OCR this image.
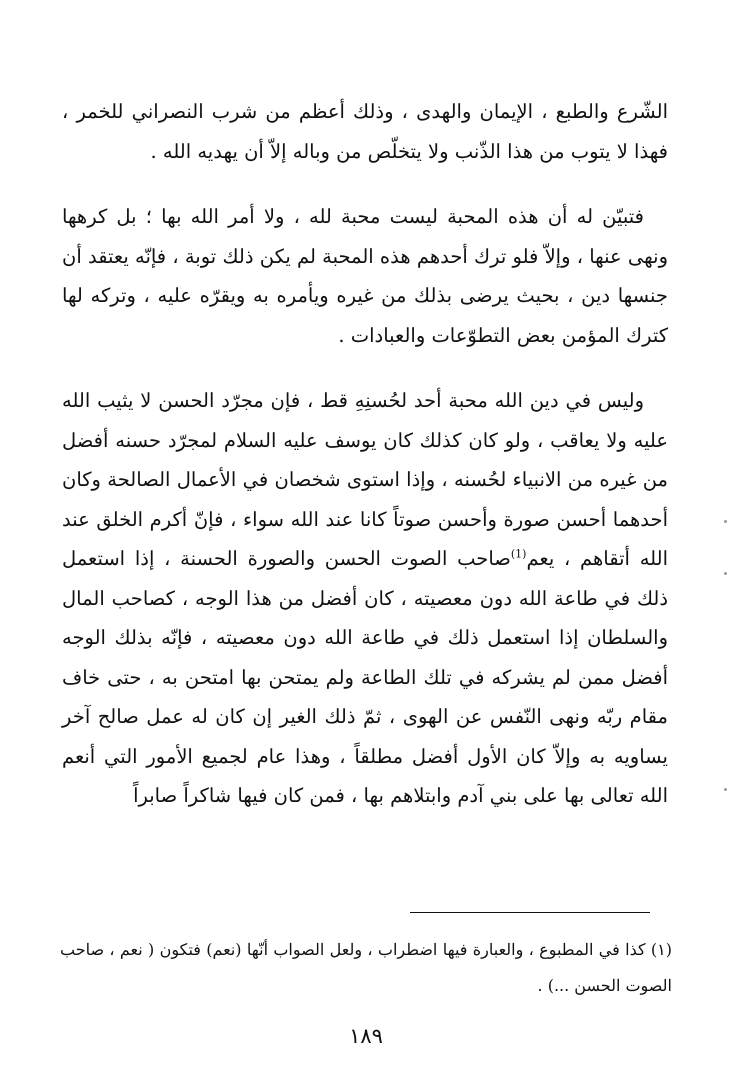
الشّرع والطبع ، الإيمان والهدى ، وذلك أعظم من شرب النصراني للخمر ، فهذا لا يتوب من هذا الذّنب ولا يتخلّص من وباله إلاّ أن يهديه الله .

فتبيّن له أن هذه المحبة ليست محبة لله ، ولا أمر الله بها ؛ بل كرهها ونهى عنها ، وإلاّ فلو ترك أحدهم هذه المحبة لم يكن ذلك توبة ، فإنّه يعتقد أن جنسها دين ، بحيث يرضى بذلك من غيره ويأمره به ويقرّه عليه ، وتركه لها كترك المؤمن بعض التطوّعات والعبادات .

وليس في دين الله محبة أحد لحُسنِهِ قط ، فإن مجرّد الحسن لا يثيب الله عليه ولا يعاقب ، ولو كان كذلك كان يوسف عليه السلام لمجرّد حسنه أفضل من غيره من الانبياء لحُسنه ، وإذا استوى شخصان في الأعمال الصالحة وكان أحدهما أحسن صورة وأحسن صوتاً كانا عند الله سواء ، فإنّ أكرم الخلق عند الله أتقاهم ، يعم$^{(1)}$صاحب الصوت الحسن والصورة الحسنة ، إذا استعمل ذلك في طاعة الله دون معصيته ، كان أفضل من هذا الوجه ، كصاحب المال والسلطان إذا استعمل ذلك في طاعة الله دون معصيته ، فإنّه بذلك الوجه أفضل ممن لم يشركه في تلك الطاعة ولم يمتحن بها امتحن به ، حتى خاف مقام ربّه ونهى النّفس عن الهوى ، ثمّ ذلك الغير إن كان له عمل صالح آخر يساويه به وإلاّ كان الأول أفضل مطلقاً ، وهذا عام لجميع الأمور التي أنعم الله تعالى بها على بني آدم وابتلاهم بها ، فمن كان فيها شاكراً صابراً

(١) كذا في المطبوع ، والعبارة فيها اضطراب ، ولعل الصواب أنّها (نعم) فتكون ( نعم ، صاحب الصوت الحسن ...) .
١٨٩
